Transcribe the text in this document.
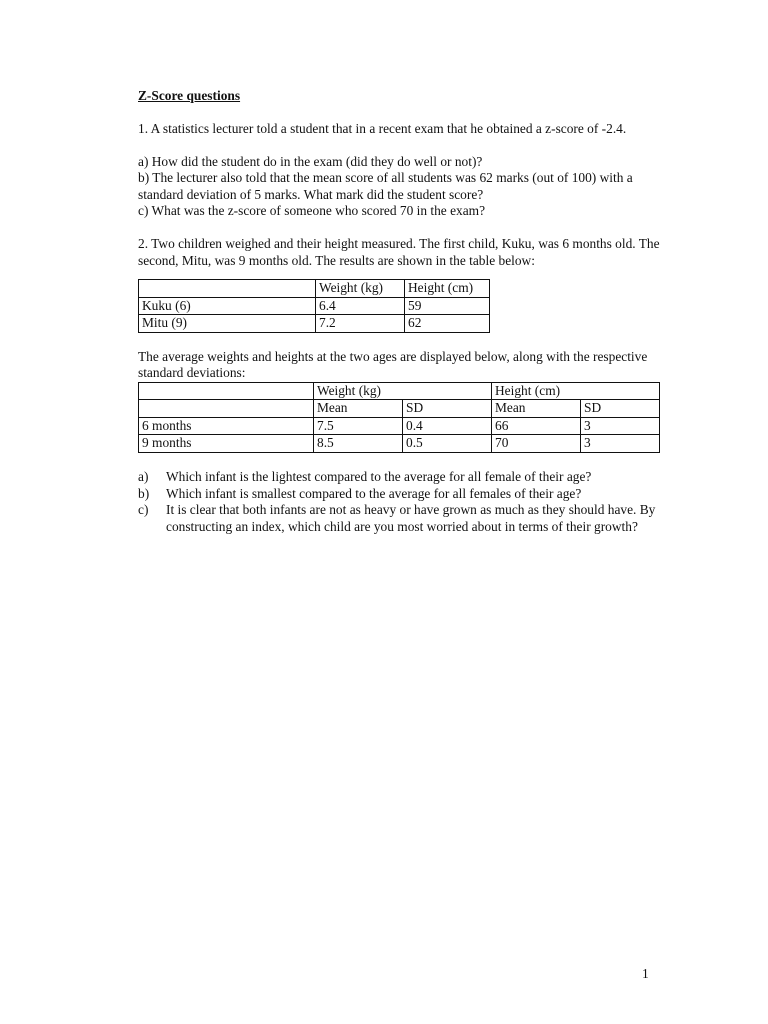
Z-Score questions

1. A statistics lecturer told a student that in a recent exam that he obtained a z-score of -2.4.

a) How did the student do in the exam (did they do well or not)?

b) The lecturer also told that the mean score of all students was 62 marks (out of 100) with a standard deviation of 5 marks. What mark did the student score?

c) What was the z-score of someone who scored 70 in the exam?

2. Two children weighed and their height measured. The first child, Kuku, was 6 months old. The second, Mitu, was 9 months old. The results are shown in the table below:

	Weight (kg)	Height (cm)
Kuku (6)	6.4	59
Mitu (9)	7.2	62

The average weights and heights at the two ages are displayed below, along with the respective standard deviations:

	Weight (kg)		Height (cm)	
	Mean	SD	Mean	SD
6 months	7.5	0.4	66	3
9 months	8.5	0.5	70	3
a)	Which infant is the lightest compared to the average for all female of their age?
b)	Which infant is smallest compared to the average for all females of their age?
c)	It is clear that both infants are not as heavy or have grown as much as they should have. By constructing an index, which child are you most worried about in terms of their growth?
1
